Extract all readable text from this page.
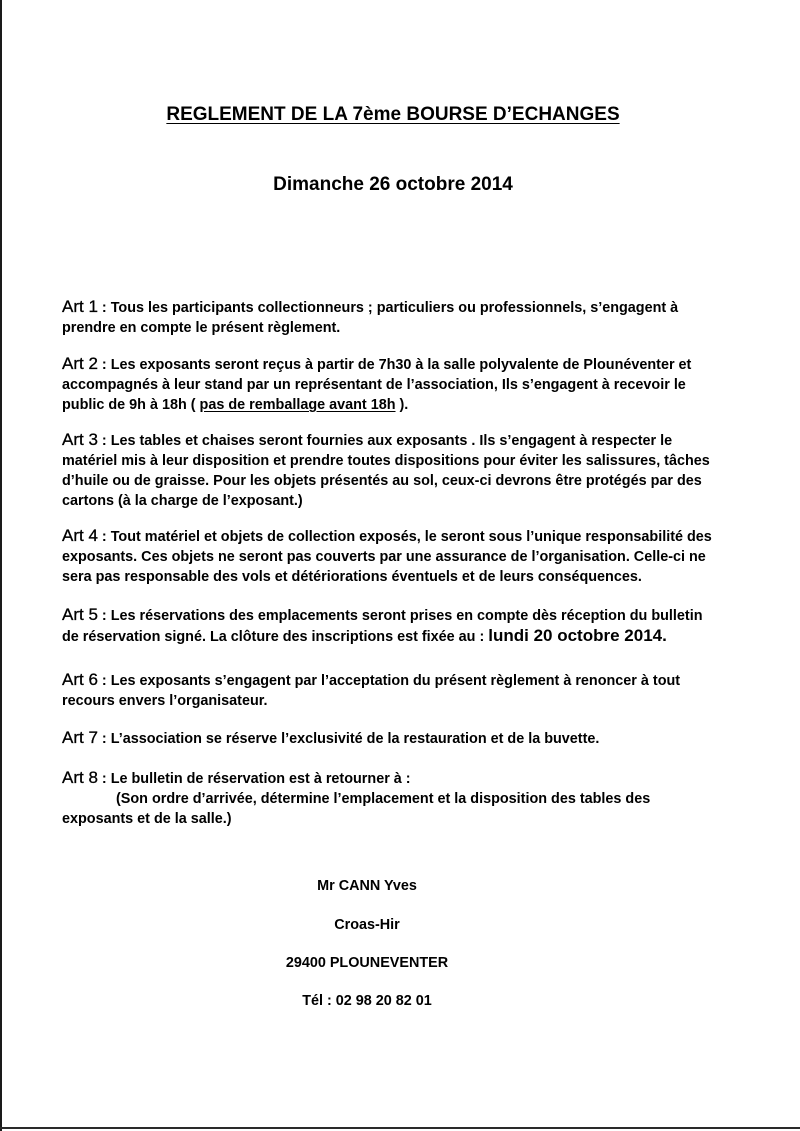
REGLEMENT DE LA 7ème BOURSE D’ECHANGES
Dimanche 26 octobre 2014
Art 1 : Tous les participants collectionneurs ; particuliers ou professionnels, s’engagent à
prendre en compte le présent règlement.
Art 2 : Les exposants seront reçus à partir de 7h30 à la salle polyvalente de Plounéventer et
accompagnés à leur stand par un représentant de l’association, Ils s’engagent à recevoir le
public de 9h à 18h ( pas de remballage avant 18h ).
Art 3 : Les tables et chaises seront fournies aux exposants . Ils s’engagent à respecter le
matériel mis à leur disposition et prendre toutes dispositions pour éviter les salissures, tâches
d’huile ou de graisse. Pour les objets présentés au sol, ceux-ci devrons être protégés par des
cartons (à la charge de l’exposant.)
Art 4 : Tout matériel et objets de collection exposés, le seront sous l’unique responsabilité des
exposants. Ces objets ne seront pas couverts par une assurance de l’organisation. Celle-ci ne
sera pas responsable des vols et détériorations éventuels et de leurs conséquences.
Art 5 : Les réservations des emplacements seront prises en compte dès réception du bulletin
de réservation signé. La clôture des inscriptions est fixée au : lundi 20 octobre 2014.
Art 6 : Les exposants s’engagent par l’acceptation du présent règlement à renoncer à tout
recours envers l’organisateur.
Art 7 : L’association se réserve l’exclusivité de la restauration et de la buvette.
Art 8 : Le bulletin de réservation est à retourner à :
(Son ordre d’arrivée, détermine l’emplacement et la disposition des tables des
exposants et de la salle.)
Mr CANN Yves
Croas-Hir
29400 PLOUNEVENTER
Tél : 02 98 20 82 01
